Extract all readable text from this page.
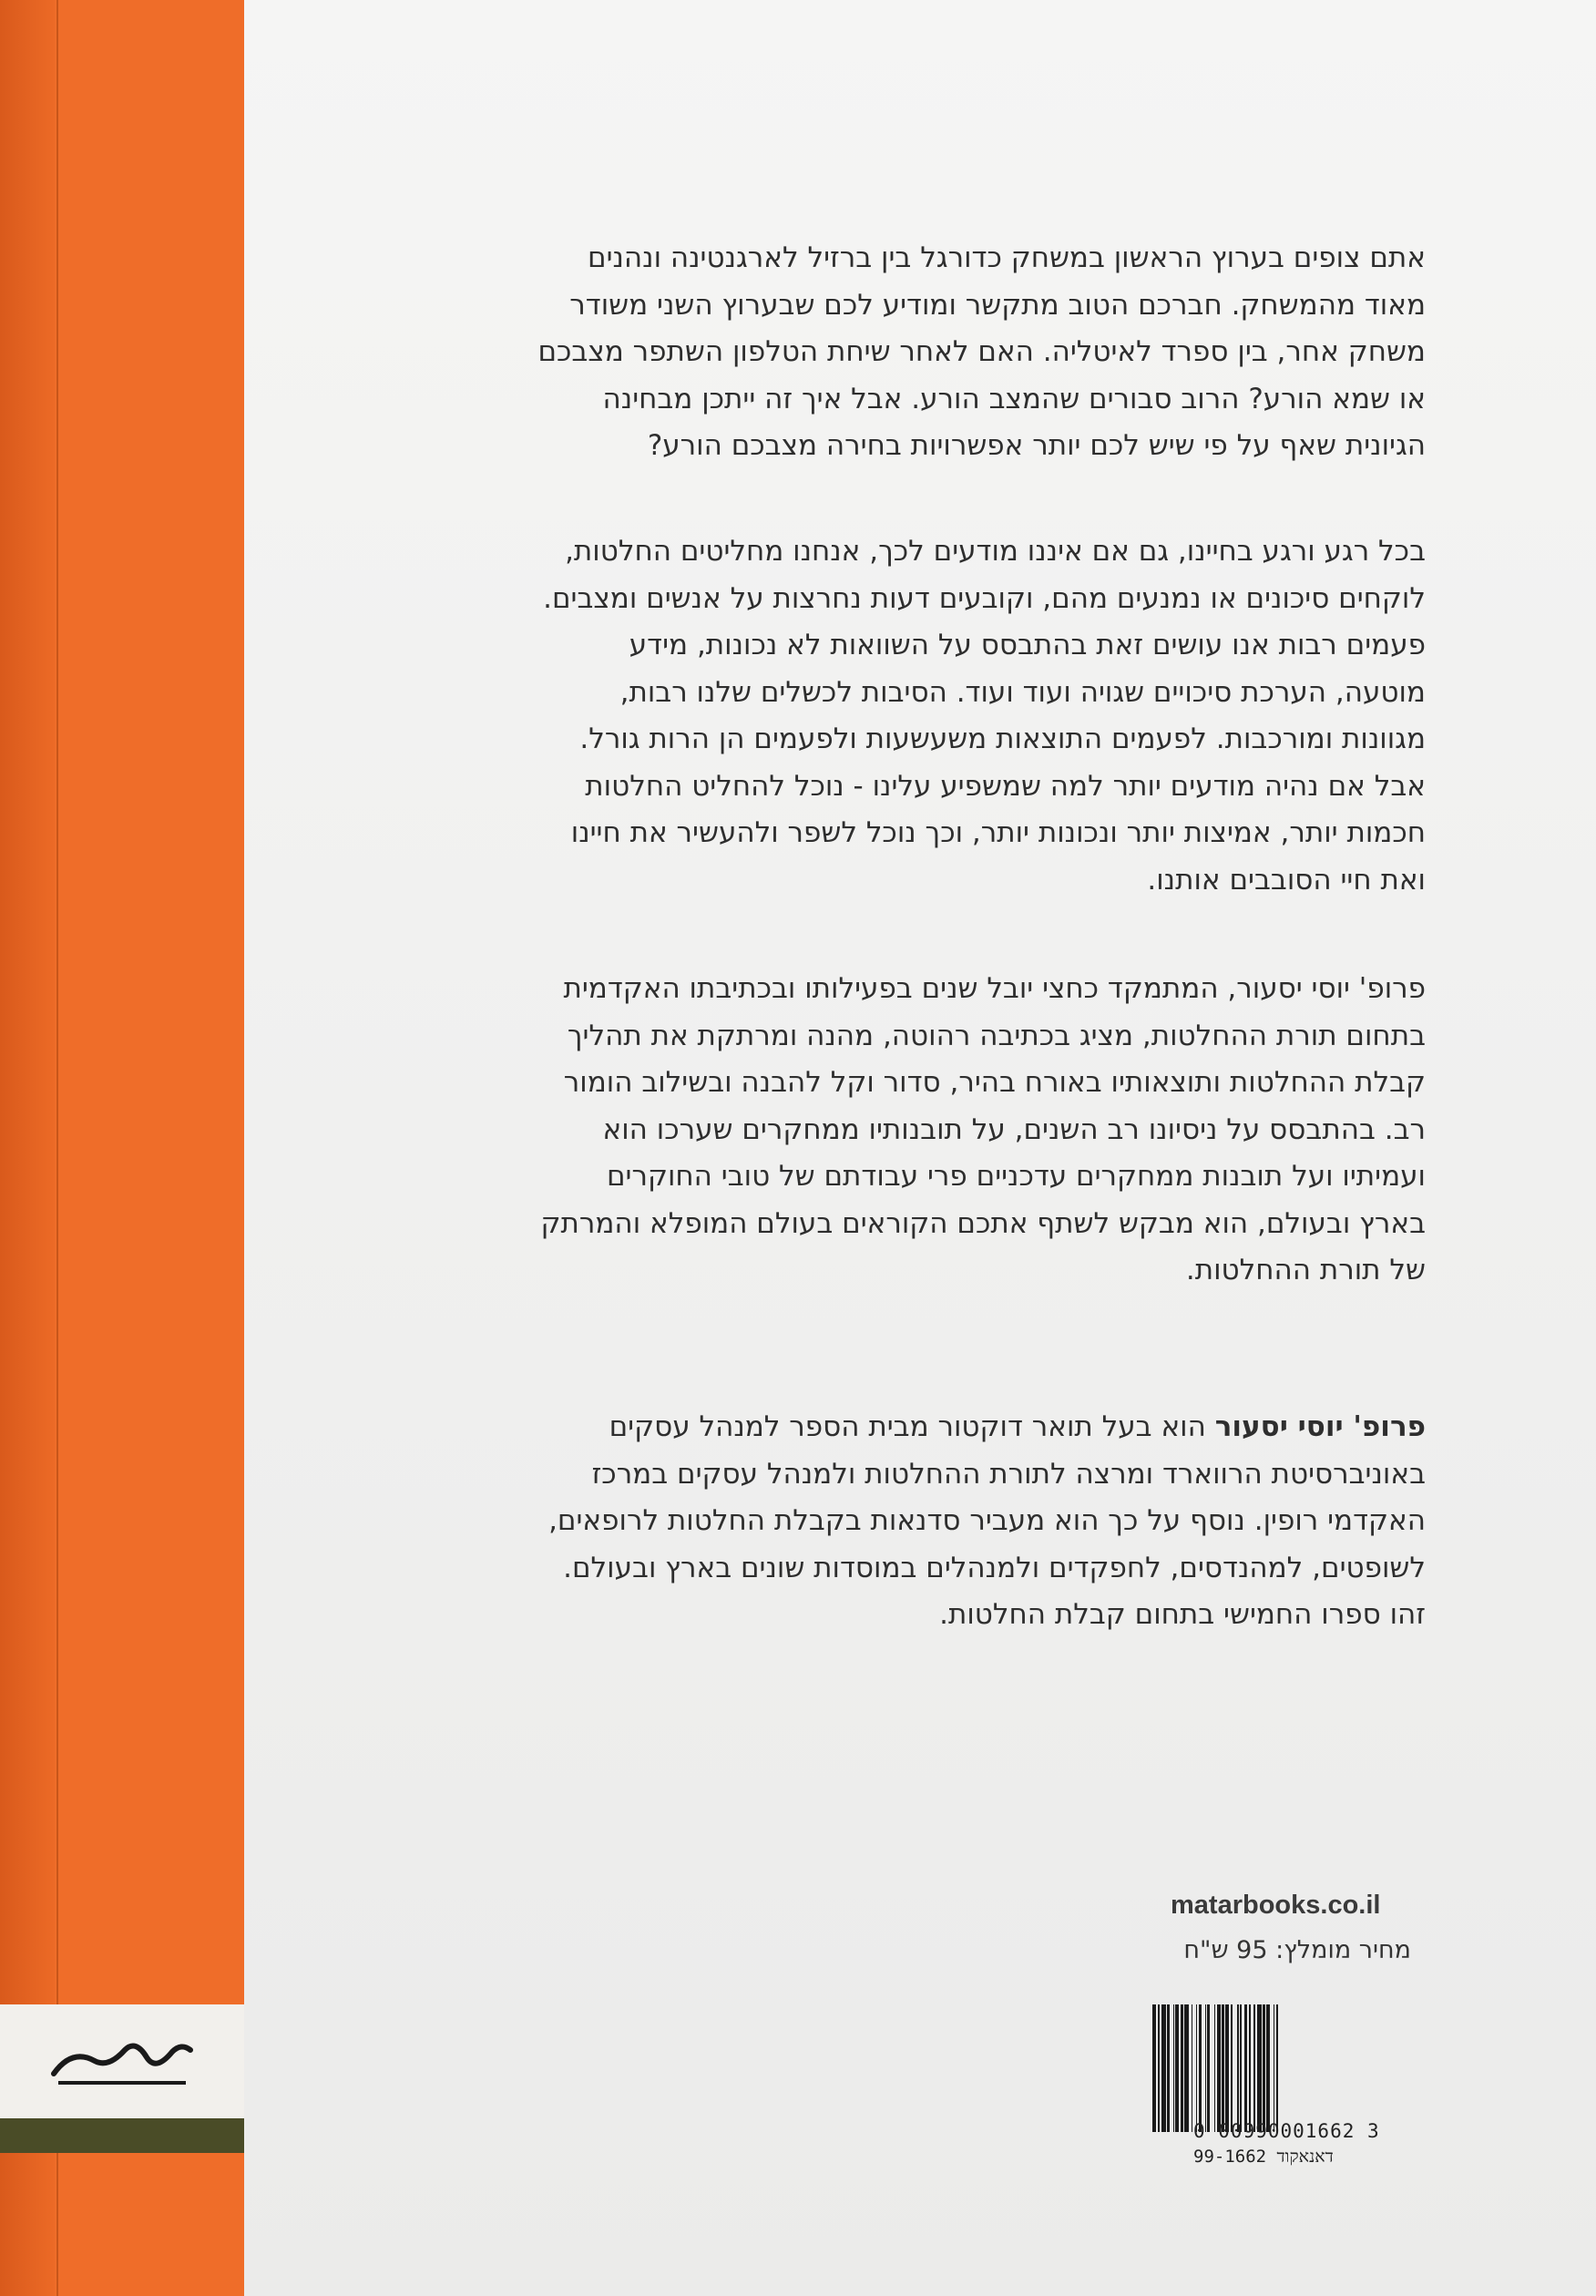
מטר
אתם צופים בערוץ הראשון במשחק כדורגל בין ברזיל לארגנטינה ונהנים
מאוד מהמשחק. חברכם הטוב מתקשר ומודיע לכם שבערוץ השני משודר
משחק אחר, בין ספרד לאיטליה. האם לאחר שיחת הטלפון השתפר מצבכם
או שמא הורע? הרוב סבורים שהמצב הורע. אבל איך זה ייתכן מבחינה
הגיונית שאף על פי שיש לכם יותר אפשרויות בחירה מצבכם הורע?
בכל רגע ורגע בחיינו, גם אם איננו מודעים לכך, אנחנו מחליטים החלטות,
לוקחים סיכונים או נמנעים מהם, וקובעים דעות נחרצות על אנשים ומצבים.
פעמים רבות אנו עושים זאת בהתבסס על השוואות לא נכונות, מידע
מוטעה, הערכת סיכויים שגויה ועוד ועוד. הסיבות לכשלים שלנו רבות,
מגוונות ומורכבות. לפעמים התוצאות משעשעות ולפעמים הן הרות גורל.
אבל אם נהיה מודעים יותר למה שמשפיע עלינו - נוכל להחליט החלטות
חכמות יותר, אמיצות יותר ונכונות יותר, וכך נוכל לשפר ולהעשיר את חיינו
ואת חיי הסובבים אותנו.
פרופ' יוסי יסעור, המתמקד כחצי יובל שנים בפעילותו ובכתיבתו האקדמית
בתחום תורת ההחלטות, מציג בכתיבה רהוטה, מהנה ומרתקת את תהליך
קבלת ההחלטות ותוצאותיו באורח בהיר, סדור וקל להבנה ובשילוב הומור
רב. בהתבסס על ניסיונו רב השנים, על תובנותיו ממחקרים שערכו הוא
ועמיתיו ועל תובנות ממחקרים עדכניים פרי עבודתם של טובי החוקרים
בארץ ובעולם, הוא מבקש לשתף אתכם הקוראים בעולם המופלא והמרתק
של תורת ההחלטות.
פרופ' יוסי יסעור הוא בעל תואר דוקטור מבית הספר למנהל עסקים
באוניברסיטת הרווארד ומרצה לתורת ההחלטות ולמנהל עסקים במרכז
האקדמי רופין. נוסף על כך הוא מעביר סדנאות בקבלת החלטות לרופאים,
לשופטים, למהנדסים, לחפקדים ולמנהלים במוסדות שונים בארץ ובעולם.
זהו ספרו החמישי בתחום קבלת החלטות.
matarbooks.co.il
מחיר מומלץ: 95 ש"ח
0 00990001662 3
99-1662 דאנאקוד
